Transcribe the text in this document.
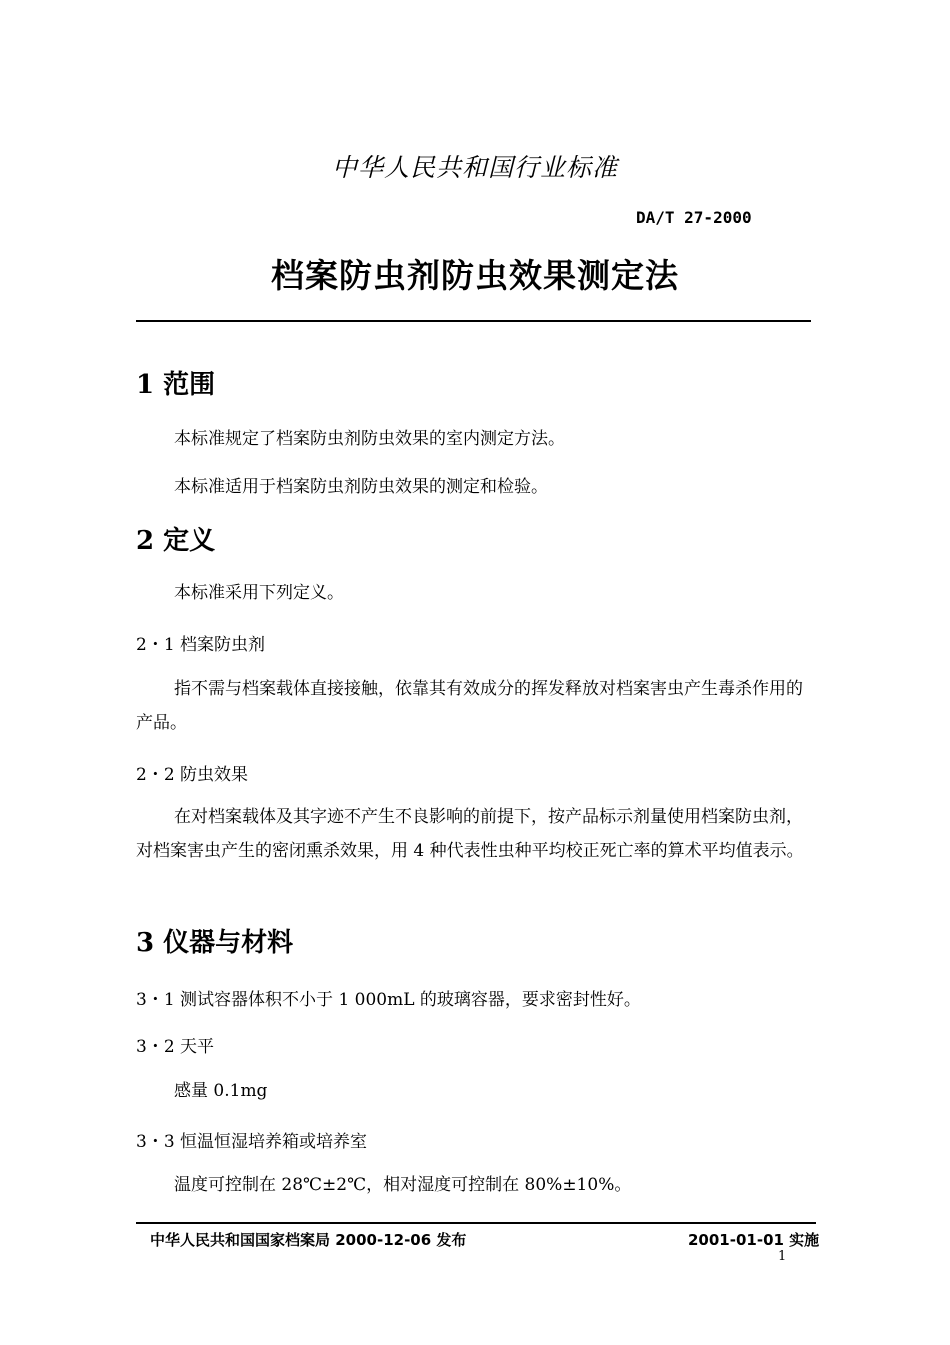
中华人民共和国行业标准
DA/T 27-2000
档案防虫剂防虫效果测定法
1 范围
本标准规定了档案防虫剂防虫效果的室内测定方法。
本标准适用于档案防虫剂防虫效果的测定和检验。
2 定义
本标准采用下列定义。
2・1 档案防虫剂
指不需与档案载体直接接触，依靠其有效成分的挥发释放对档案害虫产生毒杀作用的产品。
2・2 防虫效果
在对档案载体及其字迹不产生不良影响的前提下，按产品标示剂量使用档案防虫剂，对档案害虫产生的密闭熏杀效果，用 4 种代表性虫种平均校正死亡率的算术平均值表示。
3 仪器与材料
3・1 测试容器体积不小于 1 000mL 的玻璃容器，要求密封性好。
3・2 天平
感量 0.1mg
3・3 恒温恒湿培养箱或培养室
温度可控制在 28℃±2℃，相对湿度可控制在 80%±10%。
中华人民共和国国家档案局 2000-12-06 发布	2001-01-01 实施
1
